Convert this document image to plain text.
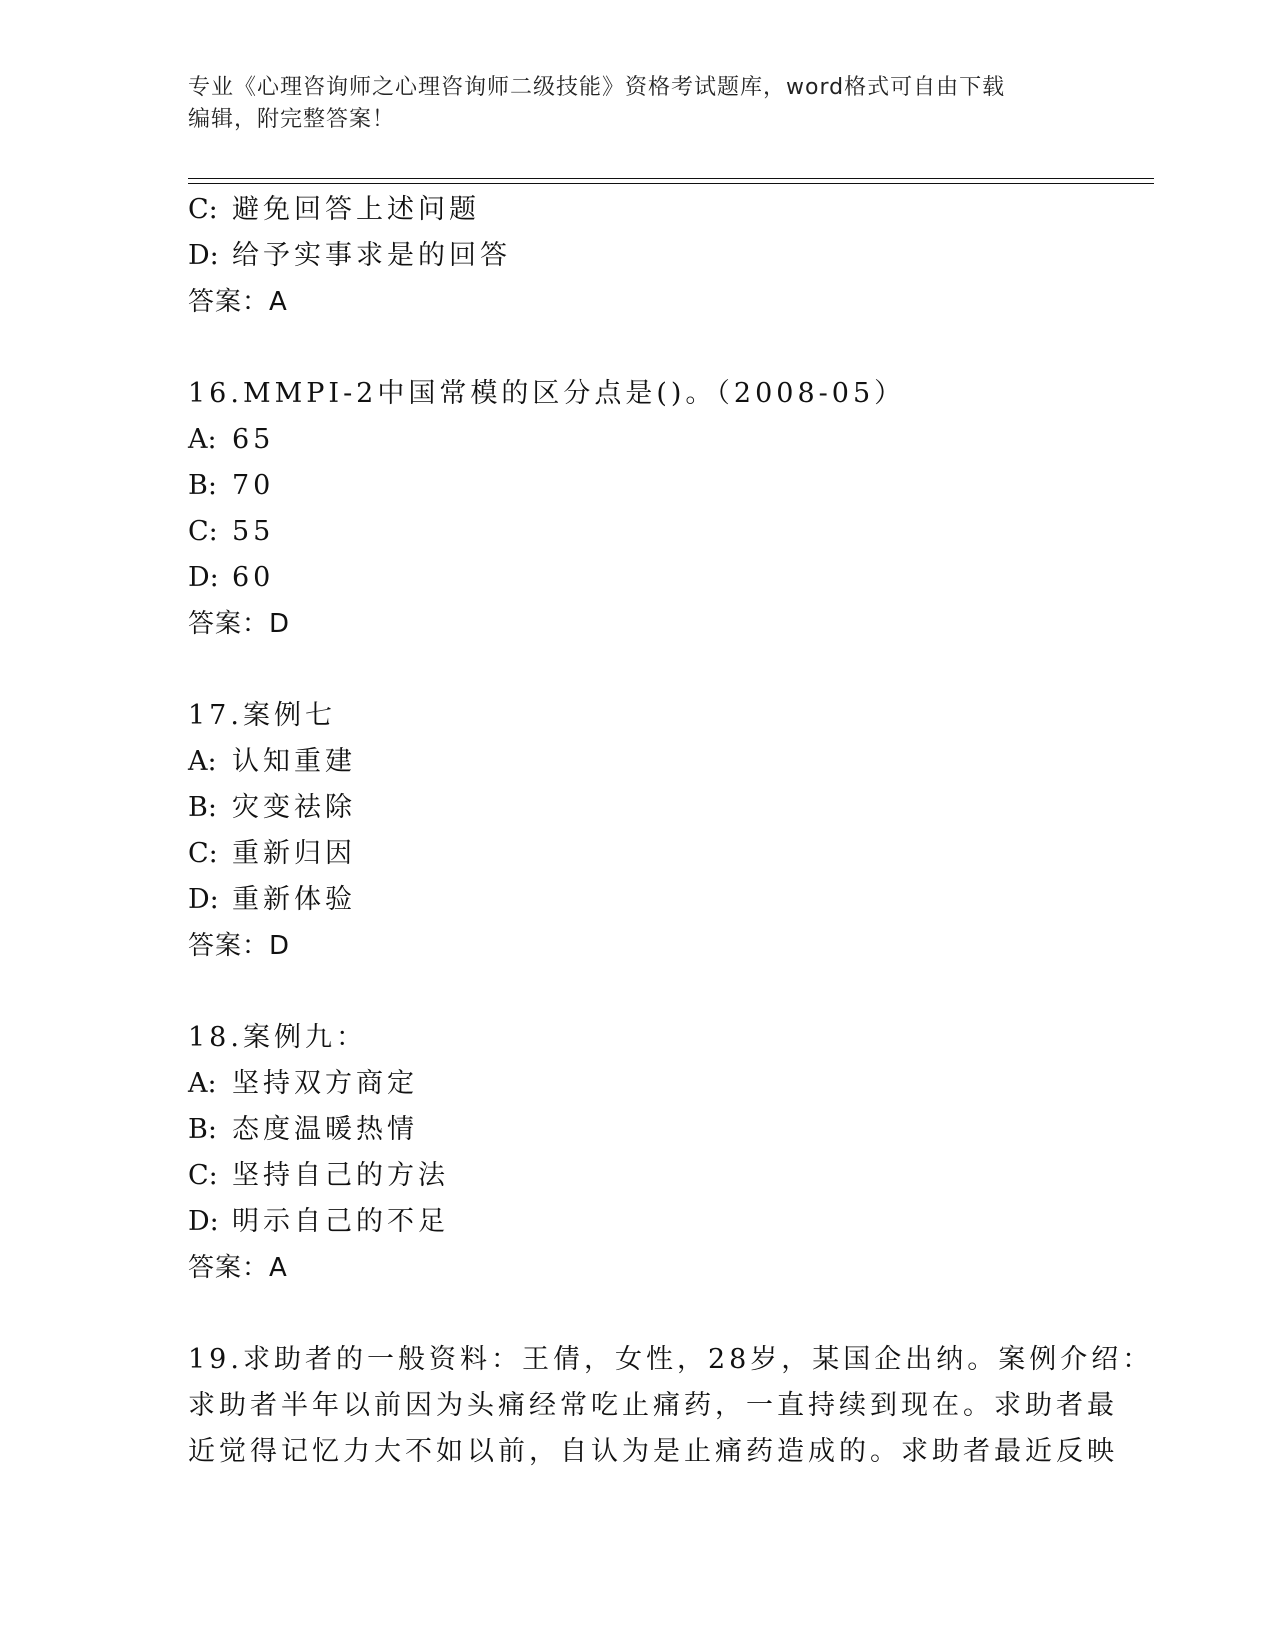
专业《心理咨询师之心理咨询师二级技能》资格考试题库，word格式可自由下载
编辑，附完整答案！
C: 避免回答上述问题
D: 给予实事求是的回答
答案：A
16.MMPI-2中国常模的区分点是()。（2008-05）
A: 65
B: 70
C: 55
D: 60
答案：D
17.案例七
A: 认知重建
B: 灾变祛除
C: 重新归因
D: 重新体验
答案：D
18.案例九：
A: 坚持双方商定
B: 态度温暖热情
C: 坚持自己的方法
D: 明示自己的不足
答案：A
19.求助者的一般资料：王倩，女性，28岁，某国企出纳。案例介绍：
求助者半年以前因为头痛经常吃止痛药，一直持续到现在。求助者最
近觉得记忆力大不如以前，自认为是止痛药造成的。求助者最近反映
